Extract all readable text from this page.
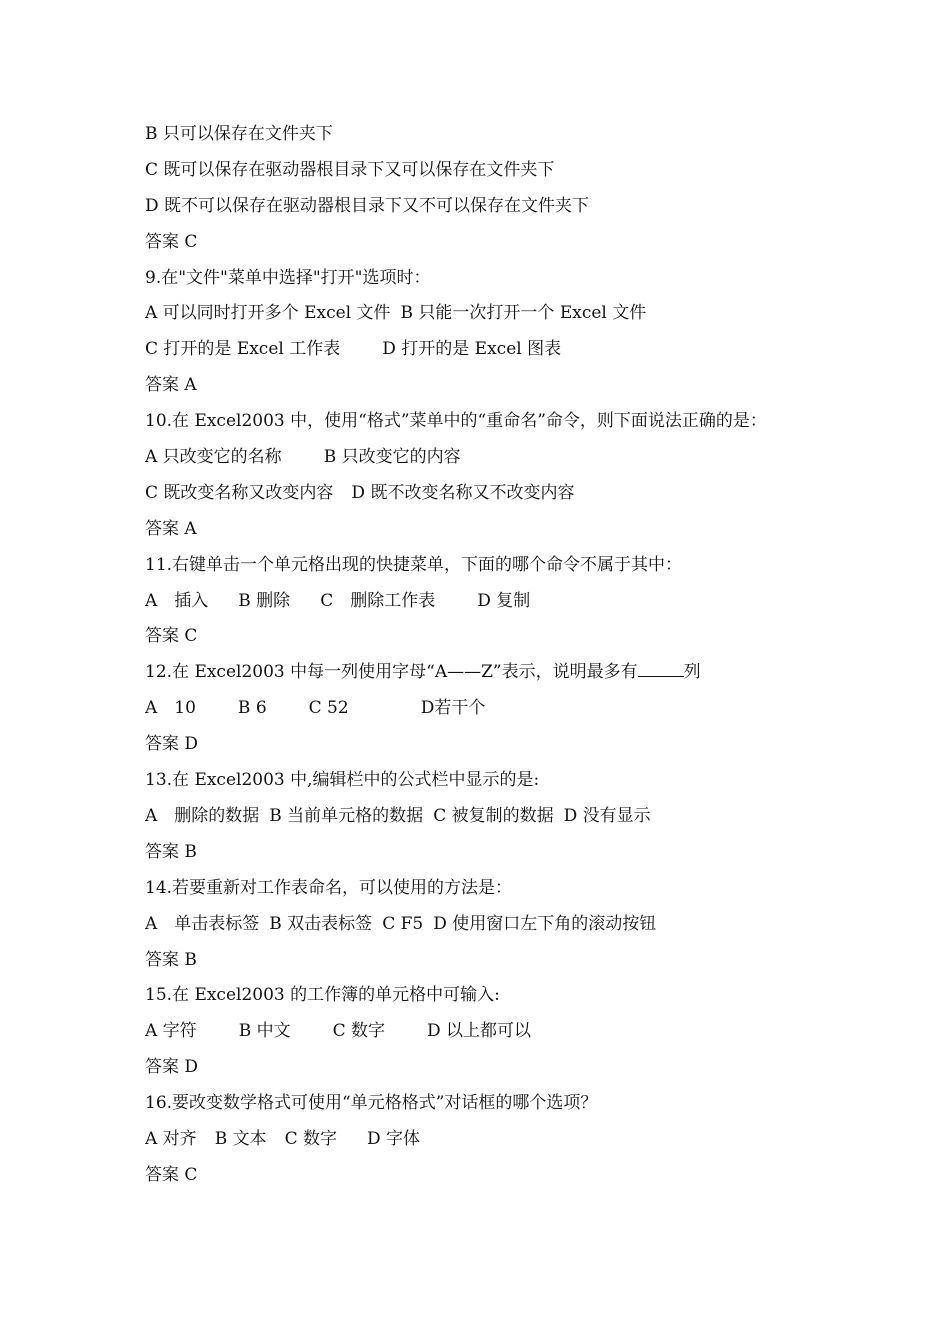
B 只可以保存在文件夹下
C 既可以保存在驱动器根目录下又可以保存在文件夹下
D 既不可以保存在驱动器根目录下又不可以保存在文件夹下
答案 C
9.在"文件"菜单中选择"打开"选项时：
A 可以同时打开多个 Excel 文件 B 只能一次打开一个 Excel 文件
C 打开的是 Excel 工作表 D 打开的是 Excel 图表
答案 A
10.在 Excel2003 中，使用“格式”菜单中的“重命名”命令，则下面说法正确的是：
A 只改变它的名称 B 只改变它的内容
C 既改变名称又改变内容 D 既不改变名称又不改变内容
答案 A
11.右键单击一个单元格出现的快捷菜单，下面的哪个命令不属于其中：
A　插入 B 删除 C　删除工作表 D 复制
答案 C
12.在 Excel2003 中每一列使用字母“A——Z”表示，说明最多有	列
A　10 B 6 C 52	D若干个
答案 D
13.在 Excel2003 中,编辑栏中的公式栏中显示的是:
A　删除的数据 B 当前单元格的数据 C 被复制的数据 D 没有显示
答案 B
14.若要重新对工作表命名，可以使用的方法是：
A　单击表标签 B 双击表标签 C F5 D 使用窗口左下角的滚动按钮
答案 B
15.在 Excel2003 的工作簿的单元格中可输入:
A 字符 B 中文 C 数字 D 以上都可以
答案 D
16.要改变数学格式可使用“单元格格式”对话框的哪个选项？
A 对齐 B 文本 C 数字 D 字体
答案 C
